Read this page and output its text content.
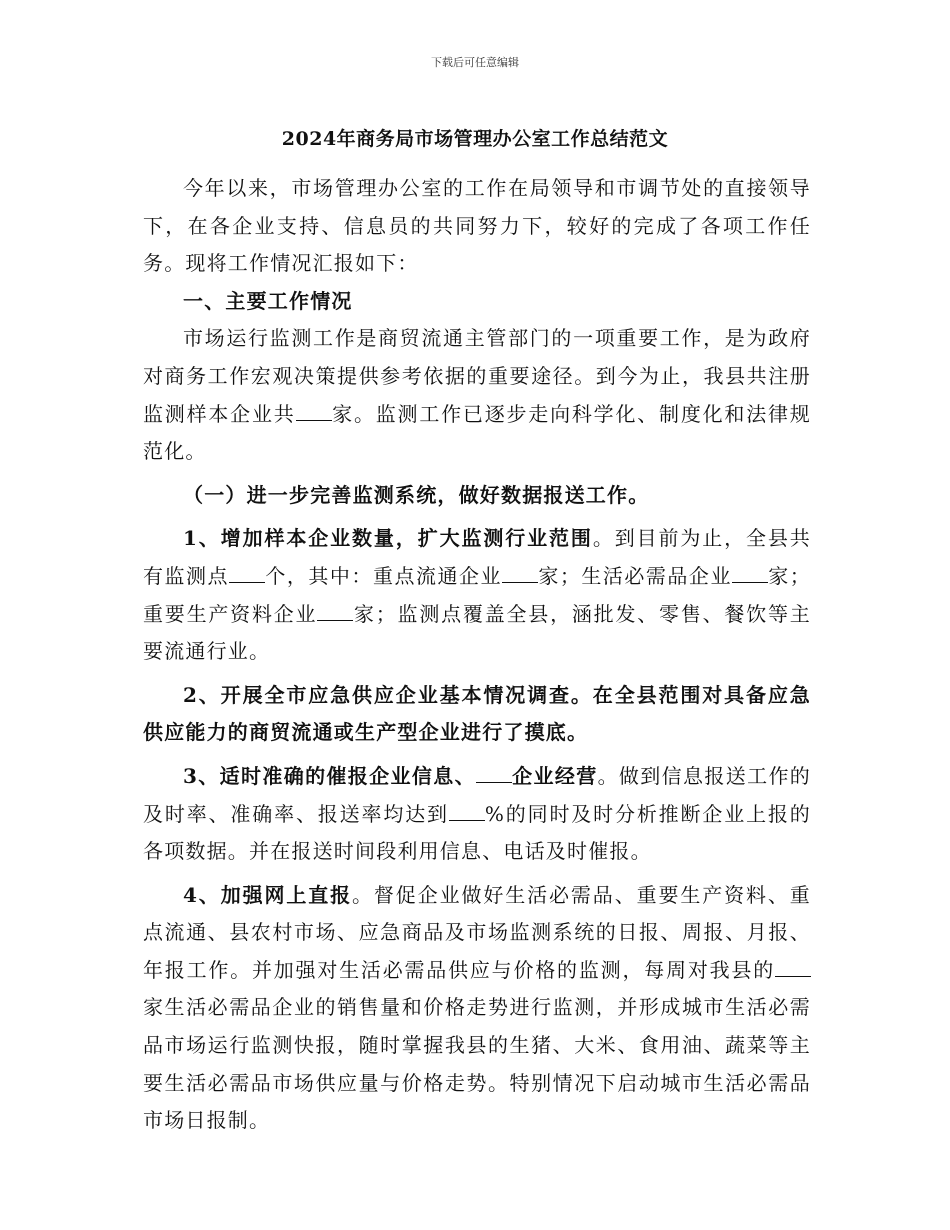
下载后可任意编辑
2024年商务局市场管理办公室工作总结范文

今年以来，市场管理办公室的工作在局领导和市调节处的直接领导下，在各企业支持、信息员的共同努力下，较好的完成了各项工作任务。现将工作情况汇报如下：

一、主要工作情况

市场运行监测工作是商贸流通主管部门的一项重要工作，是为政府对商务工作宏观决策提供参考依据的重要途径。到今为止，我县共注册监测样本企业共 家。监测工作已逐步走向科学化、制度化和法律规范化。

（一）进一步完善监测系统，做好数据报送工作。

1、增加样本企业数量，扩大监测行业范围。到目前为止，全县共有监测点 个，其中：重点流通企业 家；生活必需品企业 家；重要生产资料企业 家；监测点覆盖全县，涵批发、零售、餐饮等主要流通行业。

2、开展全市应急供应企业基本情况调查。在全县范围对具备应急供应能力的商贸流通或生产型企业进行了摸底。

3、适时准确的催报企业信息、 企业经营。做到信息报送工作的及时率、准确率、报送率均达到 %的同时及时分析推断企业上报的各项数据。并在报送时间段利用信息、电话及时催报。

4、加强网上直报。督促企业做好生活必需品、重要生产资料、重点流通、县农村市场、应急商品及市场监测系统的日报、周报、月报、年报工作。并加强对生活必需品供应与价格的监测，每周对我县的家生活必需品企业的销售量和价格走势进行监测，并形成城市生活必需品市场运行监测快报，随时掌握我县的生猪、大米、食用油、蔬菜等主要生活必需品市场供应量与价格走势。特别情况下启动城市生活必需品市场日报制。
